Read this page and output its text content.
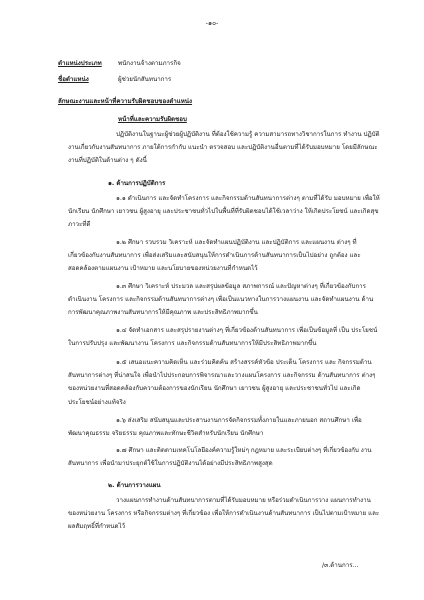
-๑๐-
ตำแหน่งประเภท	พนักงานจ้างตามภารกิจ
ชื่อตำแหน่ง	ผู้ช่วยนักสันทนาการ
ลักษณะงานและหน้าที่ความรับผิดชอบของตำแหน่ง
หน้าที่และความรับผิดชอบ
ปฏิบัติงานในฐานะผู้ช่วยผู้ปฏิบัติงาน ที่ต้องใช้ความรู้ ความสามารถทางวิชาการในการ ทำงาน ปฏิบัติงานเกี่ยวกับงานสันทนาการ ภายใต้การกำกับ แนะนำ ตรวจสอบ และปฏิบัติงานอื่นตามที่ได้รับมอบหมาย โดยมีลักษณะงานที่ปฏิบัติในด้านต่าง ๆ ดังนี้
๑. ด้านการปฏิบัติการ
๑.๑ ดำเนินการ และจัดทำโครงการ และกิจกรรมด้านสันทนาการต่างๆ ตามที่ได้รับ มอบหมาย เพื่อให้นักเรียน นักศึกษา เยาวชน ผู้สูงอายุ และประชาชนทั่วไปในพื้นที่ที่รับผิดชอบได้ใช้เวลาว่าง ให้เกิดประโยชน์ และเกิดสุขภาวะที่ดี
๑.๒ ศึกษา รวบรวม วิเคราะห์ และจัดทำแผนปฏิบัติงาน และปฏิบัติการ และแผนงาน ต่างๆ ที่เกี่ยวข้องกับงานสันทนาการ เพื่อส่งเสริมและสนับสนุนให้การดำเนินการด้านสันทนาการเป็นไปอย่าง ถูกต้อง และสอดคล้องตามแผนงาน เป้าหมาย และนโยบายของหน่วยงานที่กำหนดไว้
๑.๓ ศึกษา วิเคราะห์ ประมวล และสรุปผลข้อมูล สภาพการณ์ และปัญหาต่างๆ ที่เกี่ยวข้องกับการ ดำเนินงาน โครงการ และกิจกรรมด้านสันทนาการต่างๆ เพื่อเป็นแนวทางในการวางแผนงาน และจัดทำแผนงาน ด้านการพัฒนาคุณภาพงานสันทนาการให้มีคุณภาพ และประสิทธิภาพมากขึ้น
๑.๔ จัดทำเอกสาร และสรุปรายงานต่างๆ ที่เกี่ยวข้องด้านสันทนาการ เพื่อเป็นข้อมูลที่ เป็น ประโยชน์ในการปรับปรุง และพัฒนางาน โครงการ และกิจกรรมด้านสันทนาการให้มีประสิทธิภาพมากขึ้น
๑.๕ เสนอแนะความคิดเห็น และร่วมคิดค้น สร้างสรรค์หัวข้อ ประเด็น โครงการ และ กิจกรรมด้าน สันทนาการต่างๆ ที่น่าสนใจ เพื่อนำไปประกอบการพิจารณาและวางแผนโครงการ และกิจกรรม ด้านสันทนาการ ต่างๆ ของหน่วยงานที่สอดคล้องกับความต้องการของนักเรียน นักศึกษา เยาวชน ผู้สูงอายุ และประชาชนทั่วไป และเกิดประโยชน์อย่างแท้จริง
๑.๖ ส่งเสริม สนับสนุนและประสานงานการจัดกิจกรรมทั้งภายในและภายนอก สถานศึกษา เพื่อ พัฒนาคุณธรรม จริยธรรม คุณภาพและทักษะชีวิตสำหรับนักเรียน นักศึกษา
๑.๗ ศึกษา และติดตามเทคโนโลยีองค์ความรู้ใหม่ๆ กฎหมาย และระเบียบต่างๆ ที่เกี่ยวข้องกับ งานสันทนาการ เพื่อนำมาประยุกต์ใช้ในการปฏิบัติงานได้อย่างมีประสิทธิภาพสูงสุด
๒. ด้านการวางแผน
วางแผนการทำงานด้านสันทนาการตามที่ได้รับมอบหมาย หรือร่วมดำเนินการวาง แผนการทำงาน ของหน่วยงาน โครงการ หรือกิจกรรมต่างๆ ที่เกี่ยวข้อง เพื่อให้การดำเนินงานด้านสันทนาการ เป็นไปตามเป้าหมาย และผลสัมฤทธิ์ที่กำหนดไว้
/๓.ด้านการ...
